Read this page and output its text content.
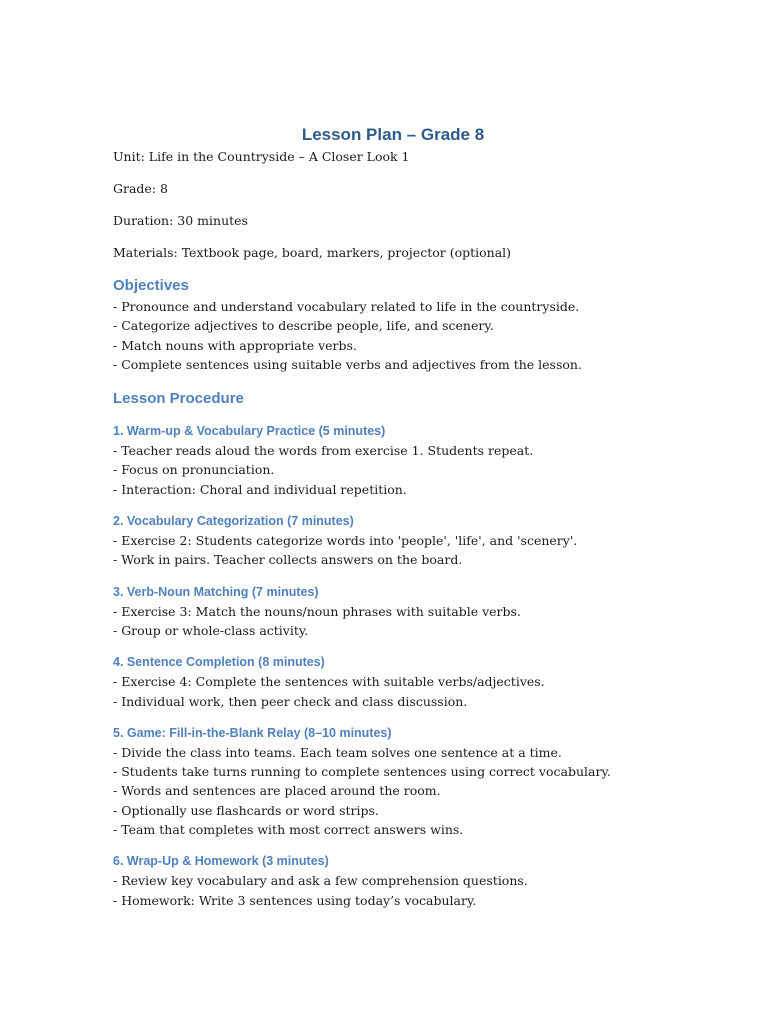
Lesson Plan – Grade 8

Unit: Life in the Countryside – A Closer Look 1

Grade: 8

Duration: 30 minutes

Materials: Textbook page, board, markers, projector (optional)

Objectives
- Pronounce and understand vocabulary related to life in the countryside.
- Categorize adjectives to describe people, life, and scenery.
- Match nouns with appropriate verbs.
- Complete sentences using suitable verbs and adjectives from the lesson.
Lesson Procedure
1. Warm-up & Vocabulary Practice (5 minutes)
- Teacher reads aloud the words from exercise 1. Students repeat.
- Focus on pronunciation.
- Interaction: Choral and individual repetition.
2. Vocabulary Categorization (7 minutes)
- Exercise 2: Students categorize words into 'people', 'life', and 'scenery'.
- Work in pairs. Teacher collects answers on the board.
3. Verb-Noun Matching (7 minutes)
- Exercise 3: Match the nouns/noun phrases with suitable verbs.
- Group or whole-class activity.
4. Sentence Completion (8 minutes)
- Exercise 4: Complete the sentences with suitable verbs/adjectives.
- Individual work, then peer check and class discussion.
5. Game: Fill-in-the-Blank Relay (8–10 minutes)
- Divide the class into teams. Each team solves one sentence at a time.
- Students take turns running to complete sentences using correct vocabulary.
- Words and sentences are placed around the room.
- Optionally use flashcards or word strips.
- Team that completes with most correct answers wins.
6. Wrap-Up & Homework (3 minutes)
- Review key vocabulary and ask a few comprehension questions.
- Homework: Write 3 sentences using today’s vocabulary.
